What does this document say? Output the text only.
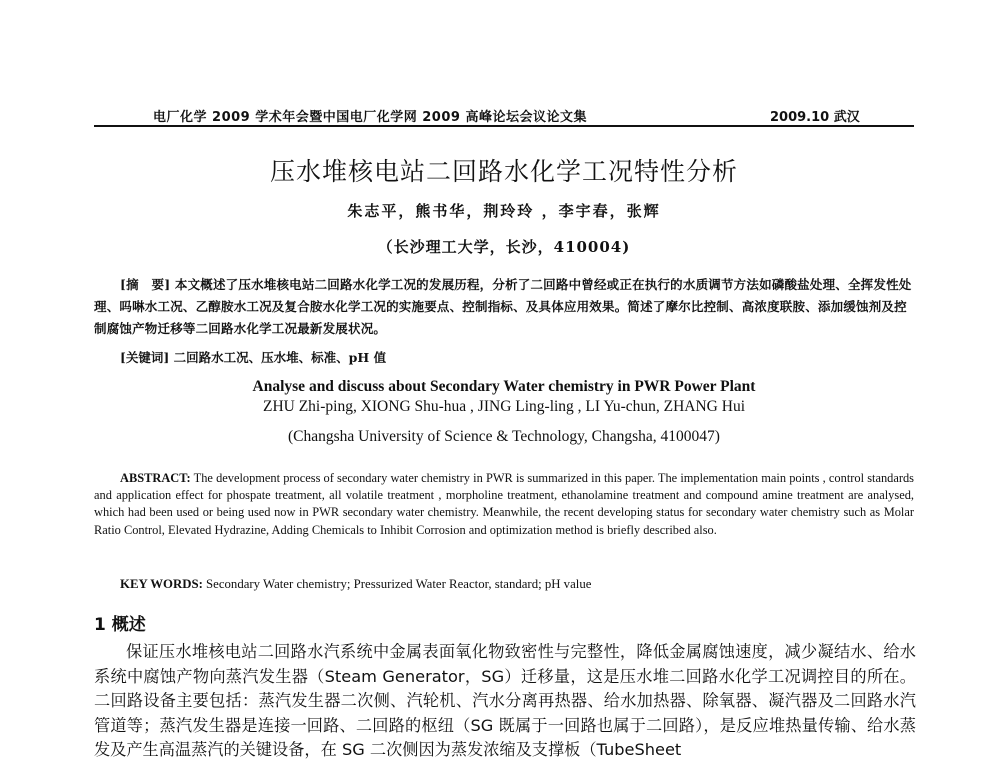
电厂化学 2009 学术年会暨中国电厂化学网 2009 高峰论坛会议论文集	2009.10 武汉
压水堆核电站二回路水化学工况特性分析
朱志平，熊书华，荆玲玲 ，李宇春，张辉
（长沙理工大学，长沙，410004)
[摘　要] 本文概述了压水堆核电站二回路水化学工况的发展历程，分析了二回路中曾经或正在执行的水质调节方法如磷酸盐处理、全挥发性处理、吗啉水工况、乙醇胺水工况及复合胺水化学工况的实施要点、控制指标、及具体应用效果。简述了摩尔比控制、高浓度联胺、添加缓蚀剂及控制腐蚀产物迁移等二回路水化学工况最新发展状况。
[关键词] 二回路水工况、压水堆、标准、pH 值
Analyse and discuss about Secondary Water chemistry in PWR Power Plant
ZHU Zhi-ping, XIONG Shu-hua , JING Ling-ling , LI Yu-chun, ZHANG Hui
(Changsha University of Science & Technology, Changsha, 4100047)
ABSTRACT: The development process of secondary water chemistry in PWR is summarized in this paper. The implementation main points , control standards and application effect for phospate treatment, all volatile treatment , morpholine treatment, ethanolamine treatment and compound amine treatment are analysed, which had been used or being used now in PWR secondary water chemistry. Meanwhile, the recent developing status for secondary water chemistry such as Molar Ratio Control, Elevated Hydrazine, Adding Chemicals to Inhibit Corrosion and optimization method is briefly described also.
KEY WORDS: Secondary Water chemistry; Pressurized Water Reactor, standard; pH value
1 概述
保证压水堆核电站二回路水汽系统中金属表面氧化物致密性与完整性，降低金属腐蚀速度，减少凝结水、给水系统中腐蚀产物向蒸汽发生器（Steam Generator，SG）迁移量，这是压水堆二回路水化学工况调控目的所在。二回路设备主要包括：蒸汽发生器二次侧、汽轮机、汽水分离再热器、给水加热器、除氧器、凝汽器及二回路水汽管道等；蒸汽发生器是连接一回路、二回路的枢纽（SG 既属于一回路也属于二回路），是反应堆热量传输、给水蒸发及产生高温蒸汽的关键设备，在 SG 二次侧因为蒸发浓缩及支撑板（TubeSheet
